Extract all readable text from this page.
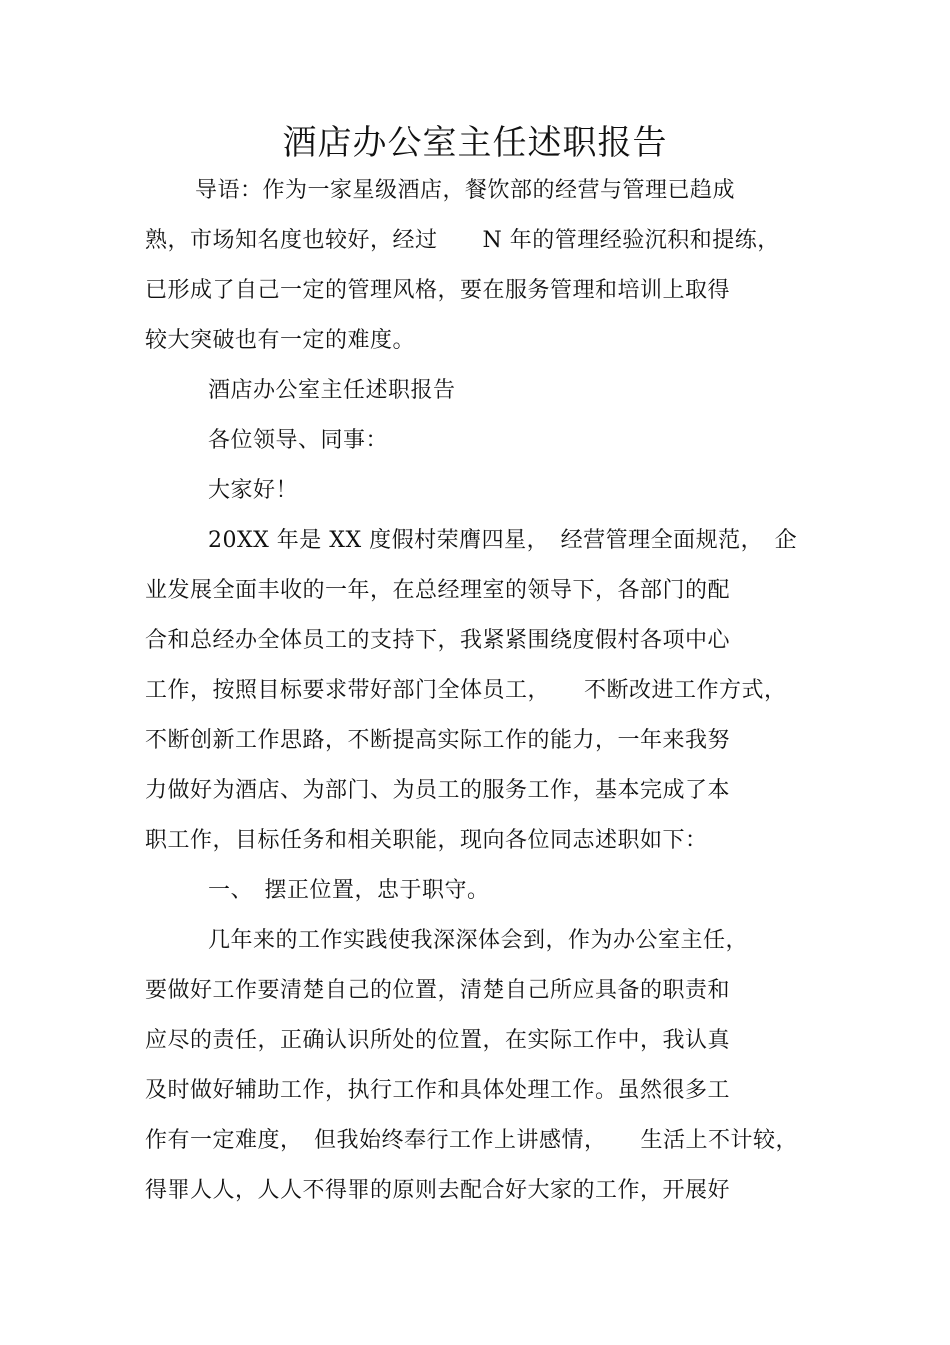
酒店办公室主任述职报告
导语：作为一家星级酒店，餐饮部的经营与管理已趋成
熟，市场知名度也较好，经过　　N 年的管理经验沉积和提练，
已形成了自己一定的管理风格，要在服务管理和培训上取得
较大突破也有一定的难度。
酒店办公室主任述职报告
各位领导、同事：
大家好！
20XX 年是 XX 度假村荣膺四星，　经营管理全面规范，　企
业发展全面丰收的一年，在总经理室的领导下，各部门的配
合和总经办全体员工的支持下，我紧紧围绕度假村各项中心
工作，按照目标要求带好部门全体员工，　　不断改进工作方式，
不断创新工作思路，不断提高实际工作的能力，一年来我努
力做好为酒店、为部门、为员工的服务工作，基本完成了本
职工作，目标任务和相关职能，现向各位同志述职如下：
一、　摆正位置，忠于职守。
几年来的工作实践使我深深体会到，作为办公室主任，
要做好工作要清楚自己的位置，清楚自己所应具备的职责和
应尽的责任，正确认识所处的位置，在实际工作中，我认真
及时做好辅助工作，执行工作和具体处理工作。虽然很多工
作有一定难度，　但我始终奉行工作上讲感情，　　生活上不计较，
得罪人人，人人不得罪的原则去配合好大家的工作，开展好
